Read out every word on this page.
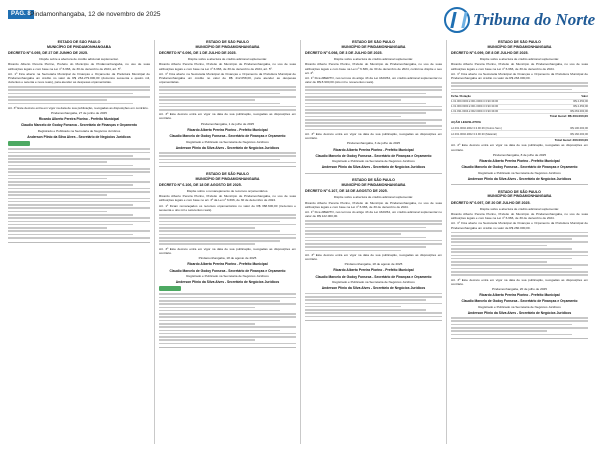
PÁG. 8 Pindamonhangaba, 12 de novembro de 2025	Tribuna do Norte
ESTADO DE SÃO PAULO
MUNICÍPIO DE PINDAMONHANGABA
DECRETO Nº 6.095, DE 27 DE JUNHO DE 2025.
Dispõe sobre a abertura de crédito adicional suplementar.
Ricardo Alberto Pereira Piorino, Prefeito do Município de Pindamonhangaba, no uso de suas atribuições legais e com base na Lei nº 6.666, de 30 de dezembro de 2024, art. 5º.
Art. 1º Fica aberto na Secretaria Municipal de Finanças e Orçamento da Prefeitura Municipal de Pindamonhangaba um crédito no valor de R$ 264.279.000,00 (duzentos sessenta e quatro mil, duzentos e setenta e nove reais), para atender as despesas orçamentárias.
Art. 3º Este decreto entra em vigor na data de sua publicação, revogadas as disposições em contrário.
Pindamonhangaba, 27 de junho de 2025
Ricardo Alberto Pereira Piorino - Prefeito Municipal
Claudio Marcelo de Godoy Fonseca - Secretário de Finanças e Orçamento
Registrado e Publicado na Secretaria de Negócios Jurídicos
Anderson Plínio da Silva Alves - Secretário de Negócios Jurídicos
ESTADO DE SÃO PAULO
MUNICÍPIO DE PINDAMONHANGABA
DECRETO Nº 6.096, DE 1 DE JULHO DE 2025.
Dispõe sobre a abertura de crédito adicional suplementar.
Ricardo Alberto Pereira Piorino, Prefeito do Município de Pindamonhangaba, no uso de suas atribuições legais e com base na Lei nº 6.666, de 30 de dezembro de 2024, art. 5º.
Art. 1º Fica aberto na Secretaria Municipal de Finanças e Orçamento da Prefeitura Municipal de Pindamonhangaba um crédito no valor de R$ 412.058,00, para atender as despesas orçamentárias.
Art. 3º Este decreto entra em vigor na data de sua publicação, revogadas as disposições em contrário.
Pindamonhangaba, 1 de julho de 2025
Ricardo Alberto Pereira Piorino - Prefeito Municipal
Claudio Marcelo de Godoy Fonseca - Secretário de Finanças e Orçamento
Registrado e Publicado na Secretaria de Negócios Jurídicos
Anderson Plínio da Silva Alves - Secretário de Negócios Jurídicos
ESTADO DE SÃO PAULO
MUNICÍPIO DE PINDAMONHANGABA
DECRETO Nº 6.106, DE 18 DE AGOSTO DE 2025.
Dispõe sobre o remanejamento de recursos orçamentários.
Ricardo Alberto Pereira Piorino, Prefeito do Município de Pindamonhangaba, no uso de suas atribuições legais e com base no art. 3º da Lei nº 6.666, de 30 de dezembro de 2024.
Art. 1º Ficam remanejados os recursos orçamentários no valor de R$ 368.600,00 (trezentos e sessenta e oito mil e seiscentos reais).
Art. 3º Este decreto entra em vigor na data de sua publicação, revogadas as disposições em contrário.
Pindamonhangaba, 18 de agosto de 2025
Ricardo Alberto Pereira Piorino - Prefeito Municipal
Claudio Marcelo de Godoy Fonseca - Secretário de Finanças e Orçamento
Registrado e Publicado na Secretaria de Negócios Jurídicos
Anderson Plínio da Silva Alves - Secretário de Negócios Jurídicos
ESTADO DE SÃO PAULO
MUNICÍPIO DE PINDAMONHANGABA
DECRETO Nº 6.098, DE 3 DE JULHO DE 2025.
Dispõe sobre a abertura de crédito adicional suplementar.
Ricardo Alberto Pereira Piorino, Prefeito do Município de Pindamonhangaba, no uso de suas atribuições legais e com base na Lei nº 6.666, de 30 de dezembro de 2024, conforme dispõe o seu art. 4º.
Art. 1º Fica ABERTO, nos termos do artigo 43 da Lei 4320/64, um crédito adicional suplementar no valor de R$ 8.900,00 (oito mil e novecentos reais).
Art. 3º Este decreto entra em vigor na data de sua publicação, revogadas as disposições em contrário.
Pindamonhangaba, 3 de julho de 2025
Ricardo Alberto Pereira Piorino - Prefeito Municipal
Claudio Marcelo de Godoy Fonseca - Secretário de Finanças e Orçamento
Registrado e Publicado na Secretaria de Negócios Jurídicos
Anderson Plínio da Silva Alves - Secretário de Negócios Jurídicos
ESTADO DE SÃO PAULO
MUNICÍPIO DE PINDAMONHANGABA
DECRETO Nº 6.107, DE 18 DE AGOSTO DE 2025.
Dispõe sobre a abertura de crédito adicional suplementar.
Ricardo Alberto Pereira Piorino, Prefeito do Município de Pindamonhangaba, no uso de suas atribuições legais e com base na Lei nº 6.666, de 30 de dezembro de 2024.
Art. 1º Fica ABERTO, nos termos do artigo 43 da Lei 4320/64, um crédito adicional suplementar no valor de R$ 122.000,00.
Art. 3º Este decreto entra em vigor na data de sua publicação, revogadas as disposições em contrário.
Pindamonhangaba, 18 de agosto de 2025
Ricardo Alberto Pereira Piorino - Prefeito Municipal
Claudio Marcelo de Godoy Fonseca - Secretário de Finanças e Orçamento
Registrado e Publicado na Secretaria de Negócios Jurídicos
Anderson Plínio da Silva Alves - Secretário de Negócios Jurídicos
ESTADO DE SÃO PAULO
MUNICÍPIO DE PINDAMONHANGABA
DECRETO Nº 6.099, DE 8 DE JULHO DE 2025.
Dispõe sobre a abertura de crédito adicional suplementar.
Ricardo Alberto Pereira Piorino, Prefeito do Município de Pindamonhangaba, no uso de suas atribuições legais e com base na Lei nº 6.666, de 30 de dezembro de 2024.
Art. 1º Fica aberto na Secretaria Municipal de Finanças e Orçamento da Prefeitura Municipal de Pindamonhangaba um crédito no valor de R$ 263.000,00.
Ficha / Dotação	Valor
1.01.000.0000.2.001.0000.3.3.90.39.00	R$ 4.450,00
1.01.000.0000.2.001.0000.3.3.90.30.00	R$ 4.450,00
1.01.031.0004.2.002.0000.3.3.90.39.00	R$ 263.000,00
Total Geral: R$ 263.000,00
AÇÃO LEGISLATIVA
L2.031.0002.2002.3.3.90.39 (Outros Serv.)	R$ 100.000,00
L2.031.0002.2002.3.3.90.30 (Material)	R$ 160.000,00
Total Geral: 260.000,00
Art. 2º Este decreto entra em vigor na data de sua publicação, revogadas as disposições em contrário.
Pindamonhangaba, 8 de julho de 2025
Ricardo Alberto Pereira Piorino - Prefeito Municipal
Claudio Marcelo de Godoy Fonseca - Secretário de Finanças e Orçamento
Registrado e Publicado na Secretaria de Negócios Jurídicos
Anderson Plínio da Silva Alves - Secretário de Negócios Jurídicos
ESTADO DE SÃO PAULO
MUNICÍPIO DE PINDAMONHANGABA
DECRETO Nº 6.097, DE 20 DE JULHO DE 2025.
Dispõe sobre a abertura de crédito adicional suplementar.
Ricardo Alberto Pereira Piorino, Prefeito do Município de Pindamonhangaba, no uso de suas atribuições legais e com base na Lei nº 6.666, de 30 de dezembro de 2024.
Art. 1º Fica aberto na Secretaria Municipal de Finanças e Orçamento da Prefeitura Municipal de Pindamonhangaba um crédito no valor de R$ 260.000,00.
Art. 3º Este decreto entra em vigor na data de sua publicação, revogadas as disposições em contrário.
Pindamonhangaba, 20 de julho de 2025
Ricardo Alberto Pereira Piorino - Prefeito Municipal
Claudio Marcelo de Godoy Fonseca - Secretário de Finanças e Orçamento
Registrado e Publicado na Secretaria de Negócios Jurídicos
Anderson Plínio da Silva Alves - Secretário de Negócios Jurídicos
